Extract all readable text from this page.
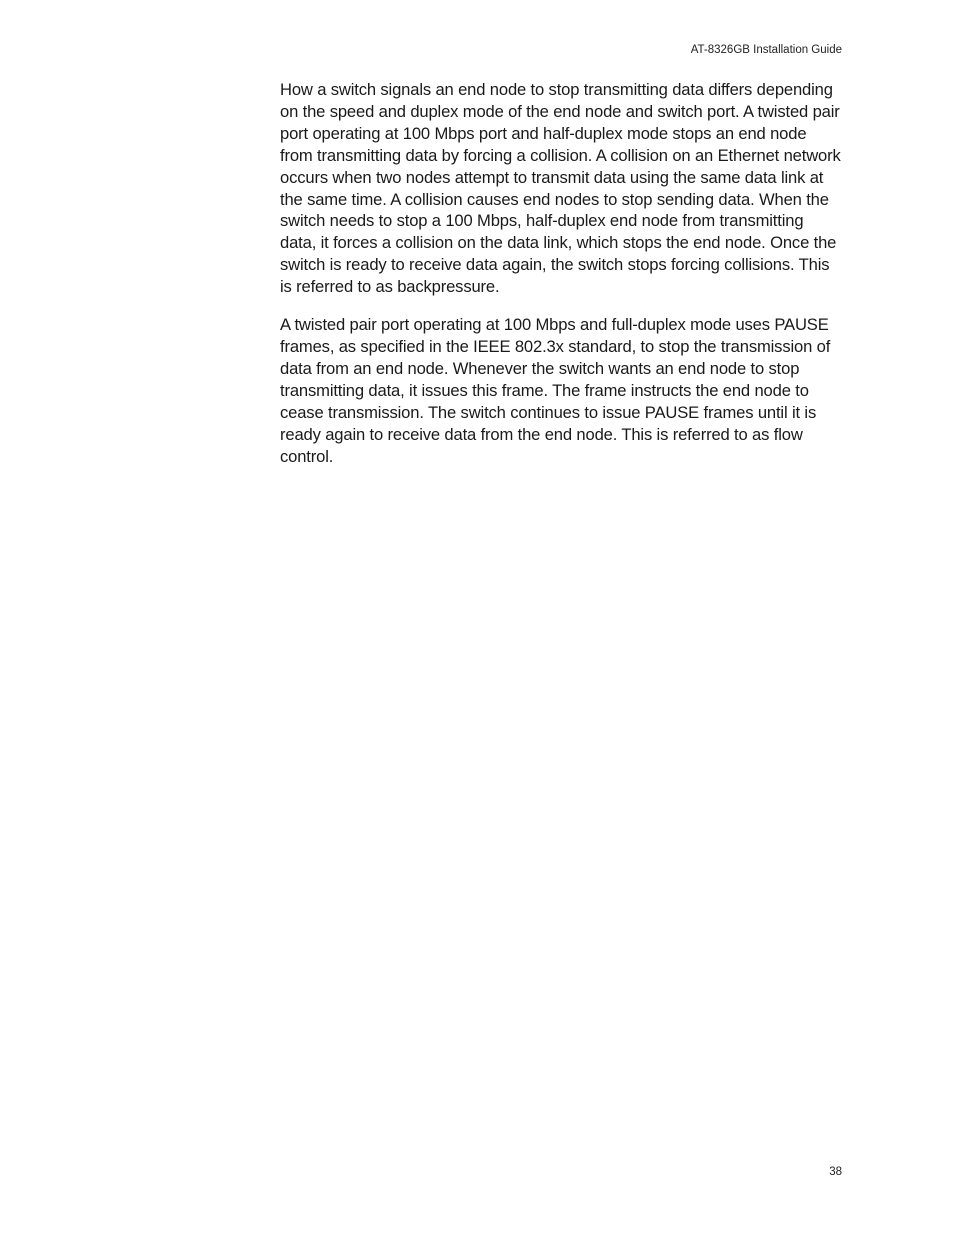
AT-8326GB Installation Guide

How a switch signals an end node to stop transmitting data differs depending on the speed and duplex mode of the end node and switch port. A twisted pair port operating at 100 Mbps port and half-duplex mode stops an end node from transmitting data by forcing a collision. A collision on an Ethernet network occurs when two nodes attempt to transmit data using the same data link at the same time. A collision causes end nodes to stop sending data. When the switch needs to stop a 100 Mbps, half-duplex end node from transmitting data, it forces a collision on the data link, which stops the end node. Once the switch is ready to receive data again, the switch stops forcing collisions. This is referred to as backpressure.

A twisted pair port operating at 100 Mbps and full-duplex mode uses PAUSE frames, as specified in the IEEE 802.3x standard, to stop the transmission of data from an end node. Whenever the switch wants an end node to stop transmitting data, it issues this frame. The frame instructs the end node to cease transmission. The switch continues to issue PAUSE frames until it is ready again to receive data from the end node. This is referred to as flow control.

38
